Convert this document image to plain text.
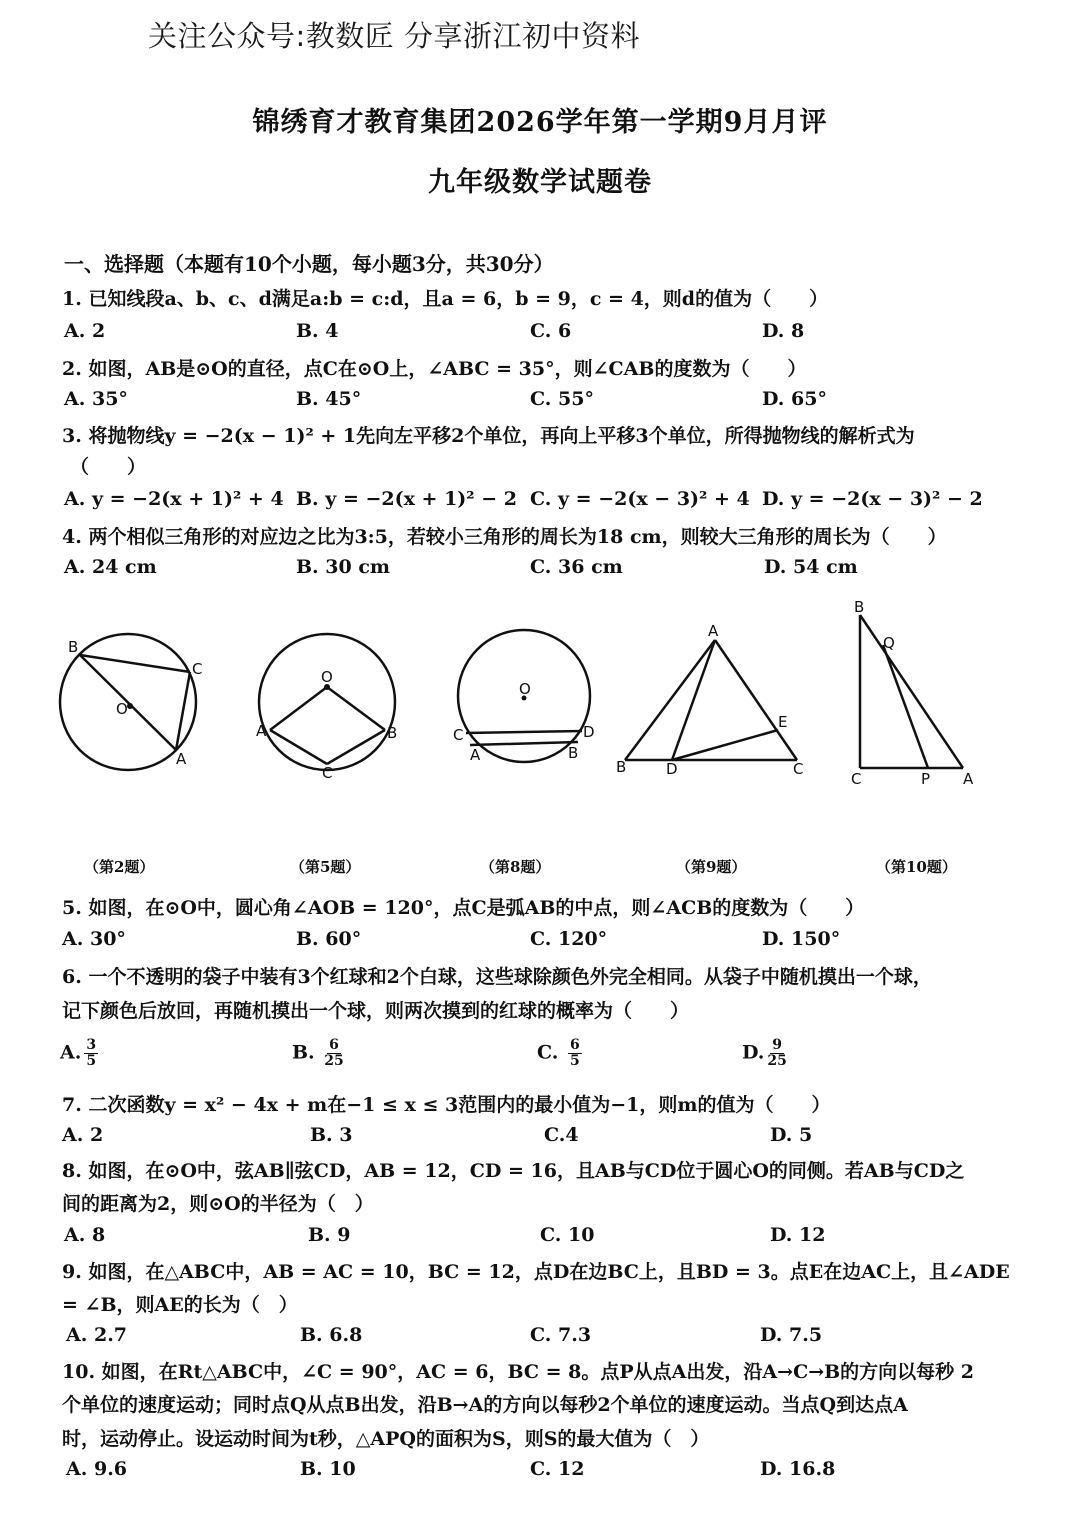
关注公众号:教数匠 分享浙江初中资料
锦绣育才教育集团2026学年第一学期9月月评
九年级数学试题卷
一、选择题（本题有10个小题，每小题3分，共30分）
1. 已知线段a、b、c、d满足a:b = c:d，且a = 6，b = 9，c = 4，则d的值为（　　）
A. 2	B. 4	C. 6	D. 8
2. 如图，AB是⊙O的直径，点C在⊙O上，∠ABC = 35°，则∠CAB的度数为（　　）
A. 35°	B. 45°	C. 55°	D. 65°
3. 将抛物线y = −2(x − 1)² + 1先向左平移2个单位，再向上平移3个单位，所得抛物线的解析式为
（　　）
A. y = −2(x + 1)² + 4 B. y = −2(x + 1)² − 2 C. y = −2(x − 3)² + 4 D. y = −2(x − 3)² − 2
4. 两个相似三角形的对应边之比为3:5，若较小三角形的周长为18 cm，则较大三角形的周长为（　　）
A. 24 cm	B. 30 cm	C. 36 cm	D. 54 cm
B
C
O
A
O
A	B
C
O
C	D
A	B
A
E
B	D	C
B
Q
C	P A
（第2题）	（第5题）	（第8题）	（第9题）	（第10题）
5. 如图，在⊙O中，圆心角∠AOB = 120°，点C是弧AB的中点，则∠ACB的度数为（　　）
A. 30°	B. 60°	C. 120°	D. 150°
6. 一个不透明的袋子中装有3个红球和2个白球，这些球除颜色外完全相同。从袋子中随机摸出一个球，
记下颜色后放回，再随机摸出一个球，则两次摸到的红球的概率为（　　）
A. $\frac{3}{5}$	B. $\frac{6}{25}$	C. $\frac{6}{5}$	D. $\frac{9}{25}$
7. 二次函数y = x² − 4x + m在−1 ≤ x ≤ 3范围内的最小值为−1，则m的值为（　　）
A. 2	B. 3	C.4	D. 5
8. 如图，在⊙O中，弦AB∥弦CD，AB = 12，CD = 16，且AB与CD位于圆心O的同侧。若AB与CD之
间的距离为2，则⊙O的半径为（　）
A. 8	B. 9	C. 10	D. 12
9. 如图，在△ABC中，AB = AC = 10，BC = 12，点D在边BC上，且BD = 3。点E在边AC上，且∠ADE
= ∠B，则AE的长为（　）
A. 2.7	B. 6.8	C. 7.3	D. 7.5
10. 如图，在Rt△ABC中，∠C = 90°，AC = 6，BC = 8。点P从点A出发，沿A→C→B的方向以每秒 2
个单位的速度运动；同时点Q从点B出发，沿B→A的方向以每秒2个单位的速度运动。当点Q到达点A
时，运动停止。设运动时间为t秒，△APQ的面积为S，则S的最大值为（　）
A. 9.6	B. 10	C. 12	D. 16.8
